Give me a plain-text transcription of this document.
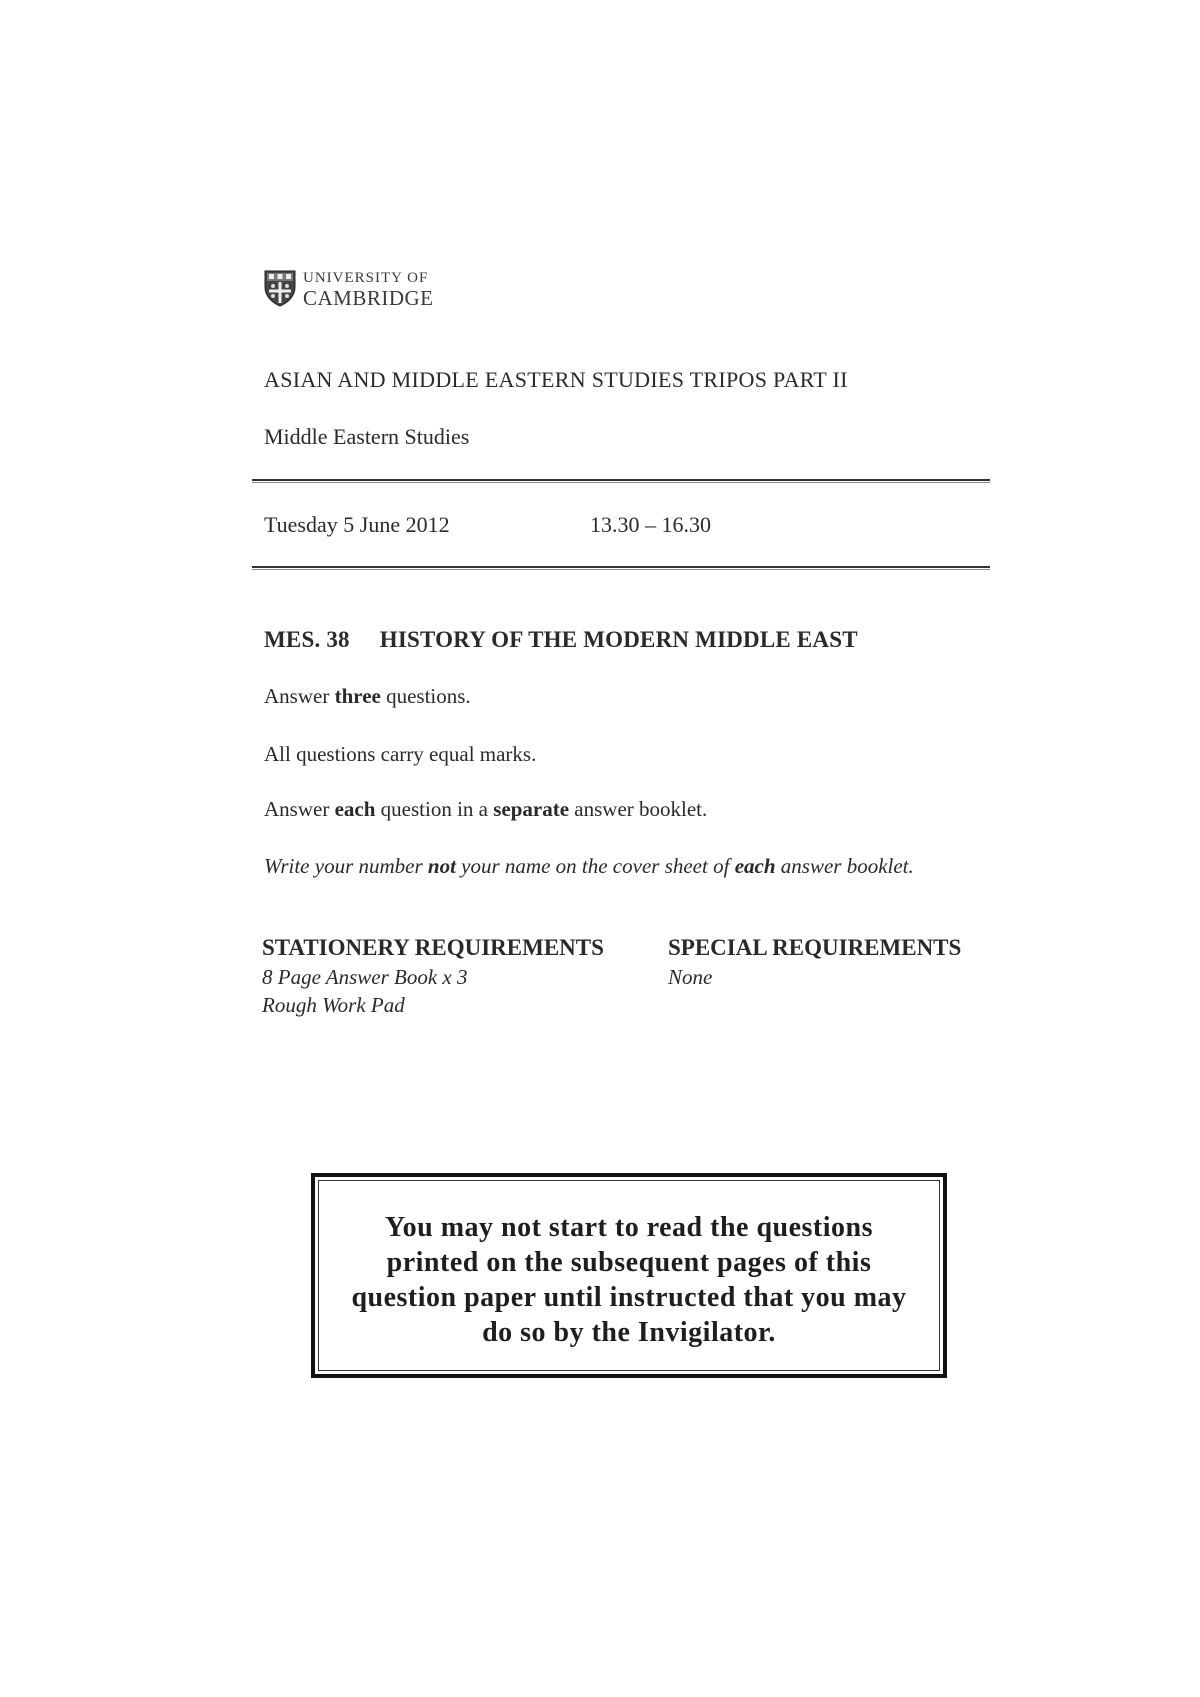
UNIVERSITY OF
CAMBRIDGE
ASIAN AND MIDDLE EASTERN STUDIES TRIPOS PART II
Middle Eastern Studies
Tuesday 5 June 2012	13.30 – 16.30
MES. 38 HISTORY OF THE MODERN MIDDLE EAST
Answer three questions.
All questions carry equal marks.
Answer each question in a separate answer booklet.
Write your number not your name on the cover sheet of each answer booklet.
STATIONERY REQUIREMENTS
8 Page Answer Book x 3
Rough Work Pad
SPECIAL REQUIREMENTS
None
You may not start to read the questions
printed on the subsequent pages of this
question paper until instructed that you may
do so by the Invigilator.
